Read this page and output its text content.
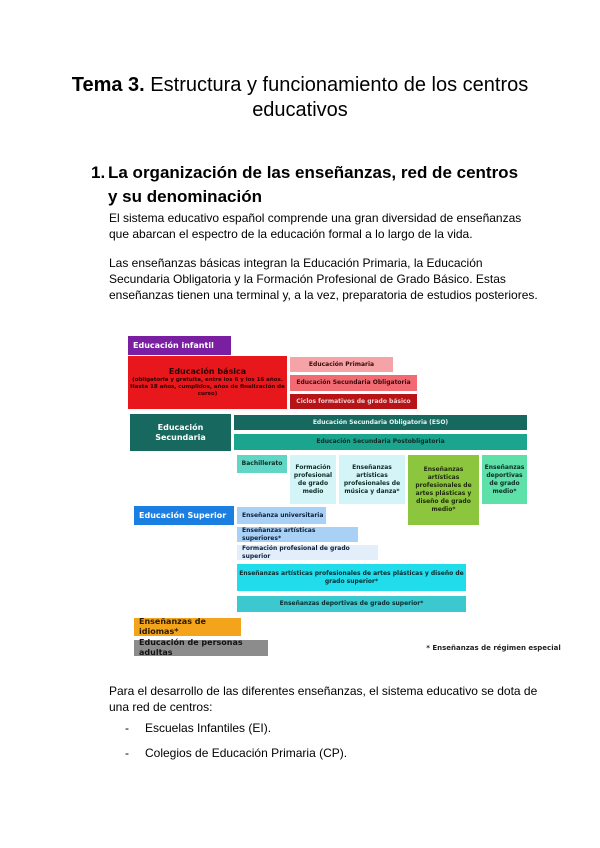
Tema 3. Estructura y funcionamiento de los centros educativos
1. La organización de las enseñanzas, red de centros y su denominación
El sistema educativo español comprende una gran diversidad de enseñanzas que abarcan el espectro de la educación formal a lo largo de la vida.
Las enseñanzas básicas integran la Educación Primaria, la Educación Secundaria Obligatoria y la Formación Profesional de Grado Básico. Estas enseñanzas tienen una terminal y, a la vez, preparatoria de estudios posteriores.
Educación infantil
Educación básica
(obligatoria y gratuita, entre los 6 y los 16 años. Hasta 18 años, cumplidos, años de finalización de curso)
Educación Primaria
Educación Secundaria Obligatoria
Ciclos formativos de grado básico
Educación Secundaria
Educación Secundaria Obligatoria (ESO)
Educación Secundaria Postobligatoria
Bachillerato	Formación profesional de grado medio
Enseñanzas artísticas profesionales de música y danza*
Enseñanzas artísticas profesionales de artes plásticas y diseño de grado medio*
Enseñanzas deportivas de grado medio*
Educación Superior	Enseñanza universitaria
Enseñanzas artísticas superiores*
Formación profesional de grado superior
Enseñanzas artísticas profesionales de artes plásticas y diseño de grado superior*
Enseñanzas deportivas de grado superior*
Enseñanzas de idiomas*
Educación de personas adultas
* Enseñanzas de régimen especial
Para el desarrollo de las diferentes enseñanzas, el sistema educativo se dota de una red de centros:
- Escuelas Infantiles (EI).
- Colegios de Educación Primaria (CP).
